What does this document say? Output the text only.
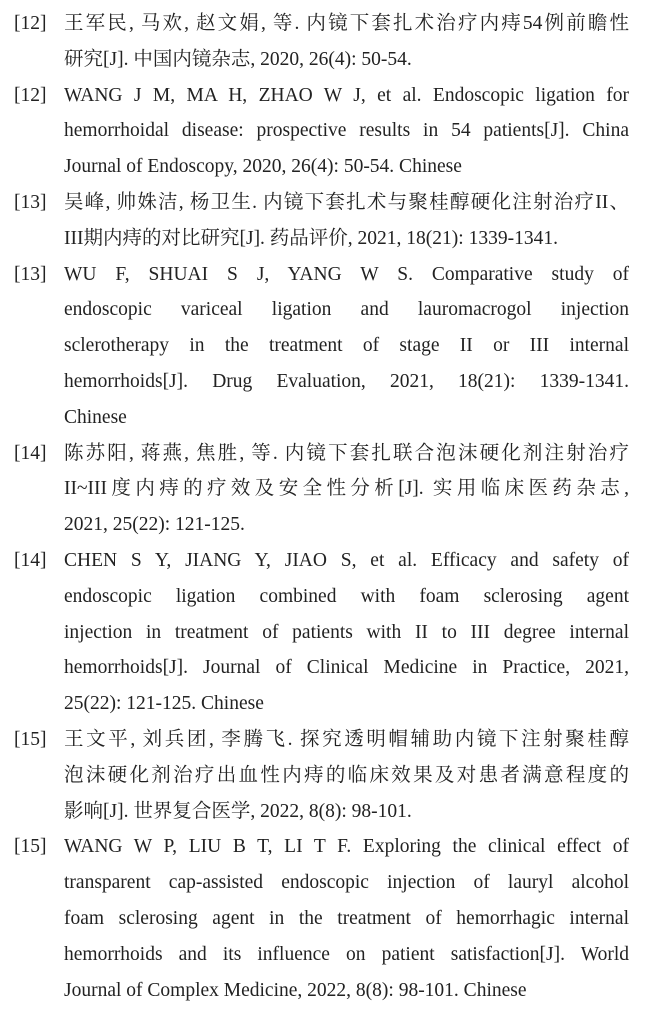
[12] 王军民, 马欢, 赵文娟, 等. 内镜下套扎术治疗内痔54例前瞻性
研究[J]. 中国内镜杂志, 2020, 26(4): 50-54.
[12] WANG J M, MA H, ZHAO W J, et al. Endoscopic ligation for
hemorrhoidal disease: prospective results in 54 patients[J]. China
Journal of Endoscopy, 2020, 26(4): 50-54. Chinese
[13] 吴峰, 帅姝洁, 杨卫生. 内镜下套扎术与聚桂醇硬化注射治疗II、
III期内痔的对比研究[J]. 药品评价, 2021, 18(21): 1339-1341.
[13] WU F, SHUAI S J, YANG W S. Comparative study of
endoscopic variceal ligation and lauromacrogol injection
sclerotherapy in the treatment of stage II or III internal
hemorrhoids[J]. Drug Evaluation, 2021, 18(21): 1339-1341.
Chinese
[14] 陈苏阳, 蒋燕, 焦胜, 等. 内镜下套扎联合泡沫硬化剂注射治疗
II~III度内痔的疗效及安全性分析[J]. 实用临床医药杂志,
2021, 25(22): 121-125.
[14] CHEN S Y, JIANG Y, JIAO S, et al. Efficacy and safety of
endoscopic ligation combined with foam sclerosing agent
injection in treatment of patients with II to III degree internal
hemorrhoids[J]. Journal of Clinical Medicine in Practice, 2021,
25(22): 121-125. Chinese
[15] 王文平, 刘兵团, 李腾飞. 探究透明帽辅助内镜下注射聚桂醇
泡沫硬化剂治疗出血性内痔的临床效果及对患者满意程度的
影响[J]. 世界复合医学, 2022, 8(8): 98-101.
[15] WANG W P, LIU B T, LI T F. Exploring the clinical effect of
transparent cap-assisted endoscopic injection of lauryl alcohol
foam sclerosing agent in the treatment of hemorrhagic internal
hemorrhoids and its influence on patient satisfaction[J]. World
Journal of Complex Medicine, 2022, 8(8): 98-101. Chinese
